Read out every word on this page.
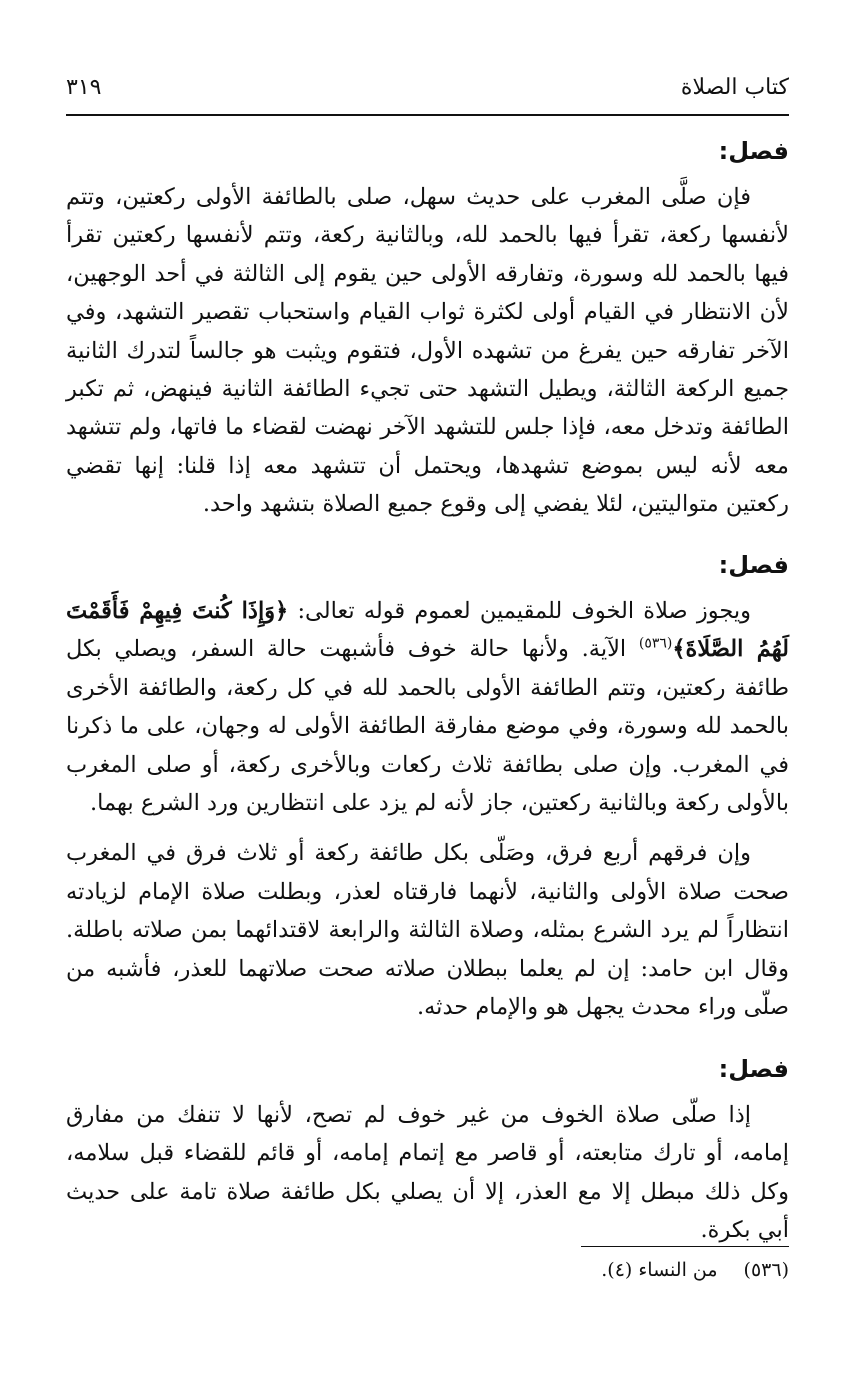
كتاب الصلاة
٣١٩
فصل:

فإن صلَّى المغرب على حديث سهل، صلى بالطائفة الأولى ركعتين، وتتم لأنفسها ركعة، تقرأ فيها بالحمد لله، وبالثانية ركعة، وتتم لأنفسها ركعتين تقرأ فيها بالحمد لله وسورة، وتفارقه الأولى حين يقوم إلى الثالثة في أحد الوجهين، لأن الانتظار في القيام أولى لكثرة ثواب القيام واستحباب تقصير التشهد، وفي الآخر تفارقه حين يفرغ من تشهده الأول، فتقوم ويثبت هو جالساً لتدرك الثانية جميع الركعة الثالثة، ويطيل التشهد حتى تجيء الطائفة الثانية فينهض، ثم تكبر الطائفة وتدخل معه، فإذا جلس للتشهد الآخر نهضت لقضاء ما فاتها، ولم تتشهد معه لأنه ليس بموضع تشهدها، ويحتمل أن تتشهد معه إذا قلنا: إنها تقضي ركعتين متواليتين، لئلا يفضي إلى وقوع جميع الصلاة بتشهد واحد.

فصل:

ويجوز صلاة الخوف للمقيمين لعموم قوله تعالى: ﴿وَإِذَا كُنتَ فِيهِمْ فَأَقَمْتَ لَهُمُ الصَّلَاةَ﴾$^{(٥٣٦)}$ الآية. ولأنها حالة خوف فأشبهت حالة السفر، ويصلي بكل طائفة ركعتين، وتتم الطائفة الأولى بالحمد لله في كل ركعة، والطائفة الأخرى بالحمد لله وسورة، وفي موضع مفارقة الطائفة الأولى له وجهان، على ما ذكرنا في المغرب. وإن صلى بطائفة ثلاث ركعات وبالأخرى ركعة، أو صلى المغرب بالأولى ركعة وبالثانية ركعتين، جاز لأنه لم يزد على انتظارين ورد الشرع بهما.

وإن فرقهم أربع فرق، وصَلّى بكل طائفة ركعة أو ثلاث فرق في المغرب صحت صلاة الأولى والثانية، لأنهما فارقتاه لعذر، وبطلت صلاة الإمام لزيادته انتظاراً لم يرد الشرع بمثله، وصلاة الثالثة والرابعة لاقتدائهما بمن صلاته باطلة. وقال ابن حامد: إن لم يعلما ببطلان صلاته صحت صلاتهما للعذر، فأشبه من صلّى وراء محدث يجهل هو والإمام حدثه.

فصل:

إذا صلّى صلاة الخوف من غير خوف لم تصح، لأنها لا تنفك من مفارق إمامه، أو تارك متابعته، أو قاصر مع إتمام إمامه، أو قائم للقضاء قبل سلامه، وكل ذلك مبطل إلا مع العذر، إلا أن يصلي بكل طائفة صلاة تامة على حديث أبي بكرة.

(٥٣٦)من النساء (٤).
